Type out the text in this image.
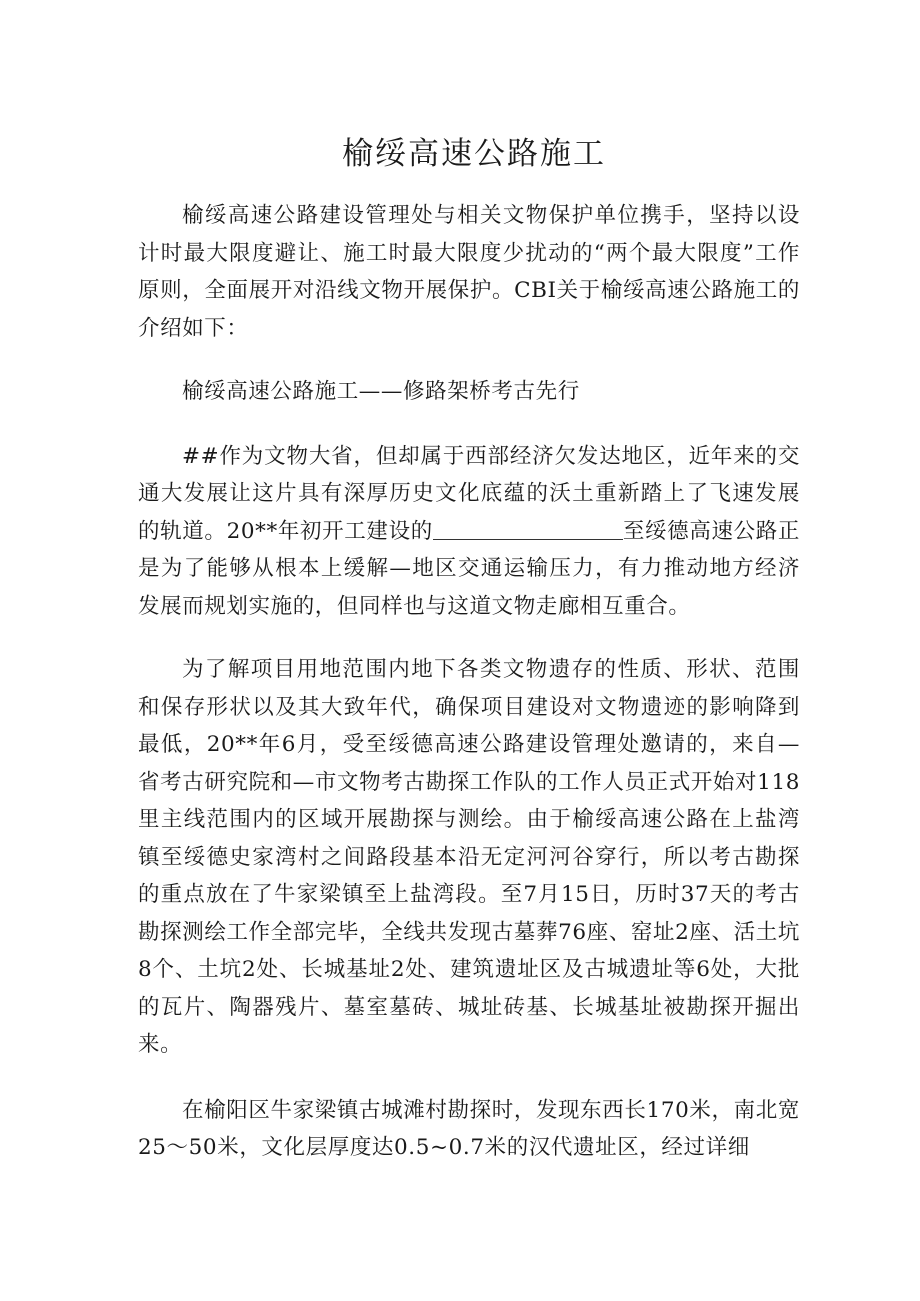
榆绥高速公路施工

榆绥高速公路建设管理处与相关文物保护单位携手，坚持以设计时最大限度避让、施工时最大限度少扰动的“两个最大限度”工作原则，全面展开对沿线文物开展保护。CBI关于榆绥高速公路施工的介绍如下：

榆绥高速公路施工——修路架桥考古先行

##作为文物大省，但却属于西部经济欠发达地区，近年来的交通大发展让这片具有深厚历史文化底蕴的沃土重新踏上了飞速发展的轨道。20**年初开工建设的	至绥德高速公路正是为了能够从根本上缓解—地区交通运输压力，有力推动地方经济发展而规划实施的，但同样也与这道文物走廊相互重合。

为了解项目用地范围内地下各类文物遗存的性质、形状、范围和保存形状以及其大致年代，确保项目建设对文物遗迹的影响降到最低，20**年6月，受至绥德高速公路建设管理处邀请的，来自—省考古研究院和—市文物考古勘探工作队的工作人员正式开始对118里主线范围内的区域开展勘探与测绘。由于榆绥高速公路在上盐湾镇至绥德史家湾村之间路段基本沿无定河河谷穿行，所以考古勘探的重点放在了牛家梁镇至上盐湾段。至7月15日，历时37天的考古勘探测绘工作全部完毕，全线共发现古墓葬76座、窑址2座、活土坑8个、土坑2处、长城基址2处、建筑遗址区及古城遗址等6处，大批的瓦片、陶器残片、墓室墓砖、城址砖基、长城基址被勘探开掘出来。

在榆阳区牛家梁镇古城滩村勘探时，发现东西长170米，南北宽25～50米，文化层厚度达0.5~0.7米的汉代遗址区，经过详细
